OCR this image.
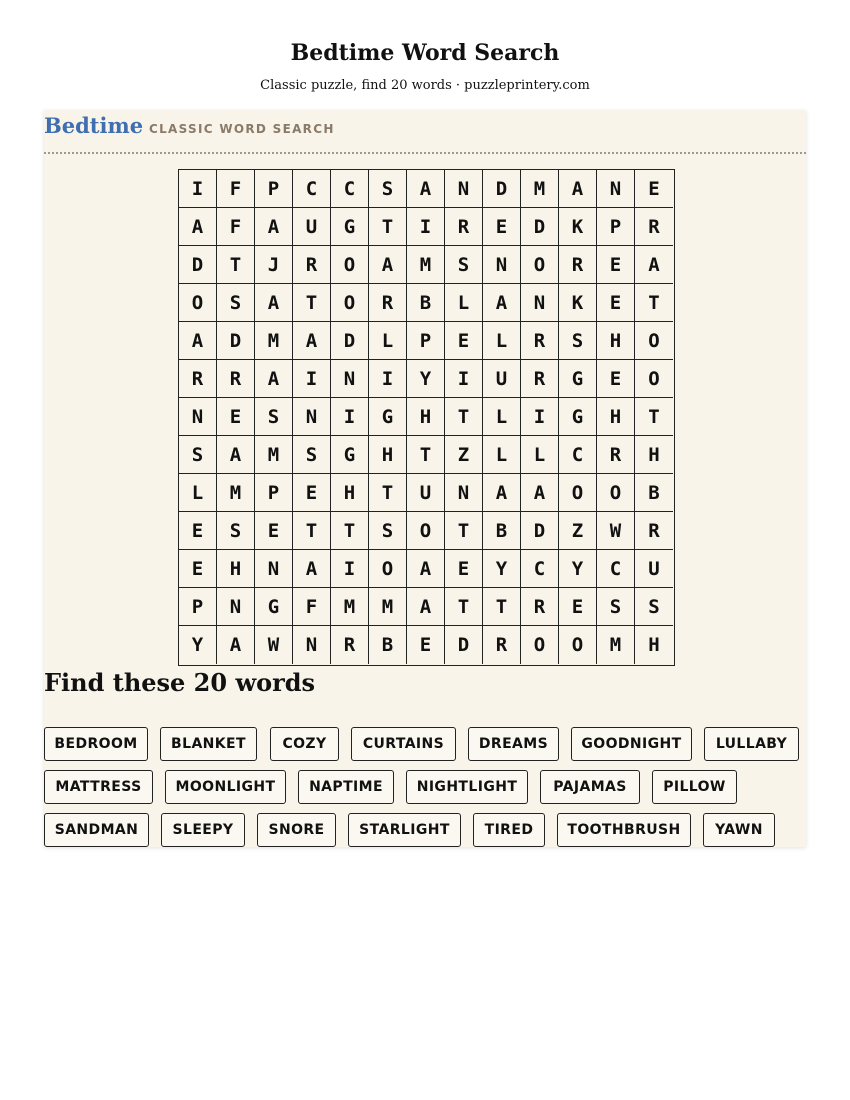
Bedtime Word Search
Classic puzzle, find 20 words · puzzleprintery.com
Bedtime CLASSIC WORD SEARCH
I	F	P	C	C	S	A	N	D	M	A	N	E
A	F	A	U	G	T	I	R	E	D	K	P	R
D	T	J	R	O	A	M	S	N	O	R	E	A
O	S	A	T	O	R	B	L	A	N	K	E	T
A	D	M	A	D	L	P	E	L	R	S	H	O
R	R	A	I	N	I	Y	I	U	R	G	E	O
N	E	S	N	I	G	H	T	L	I	G	H	T
S	A	M	S	G	H	T	Z	L	L	C	R	H
L	M	P	E	H	T	U	N	A	A	O	O	B
E	S	E	T	T	S	O	T	B	D	Z	W	R
E	H	N	A	I	O	A	E	Y	C	Y	C	U
P	N	G	F	M	M	A	T	T	R	E	S	S
Y	A	W	N	R	B	E	D	R	O	O	M	H
Find these 20 words
BEDROOM	BLANKET	COZY	CURTAINS	DREAMS	GOODNIGHT	LULLABY
MATTRESS	MOONLIGHT	NAPTIME	NIGHTLIGHT	PAJAMAS	PILLOW
SANDMAN	SLEEPY	SNORE	STARLIGHT	TIRED	TOOTHBRUSH	YAWN
